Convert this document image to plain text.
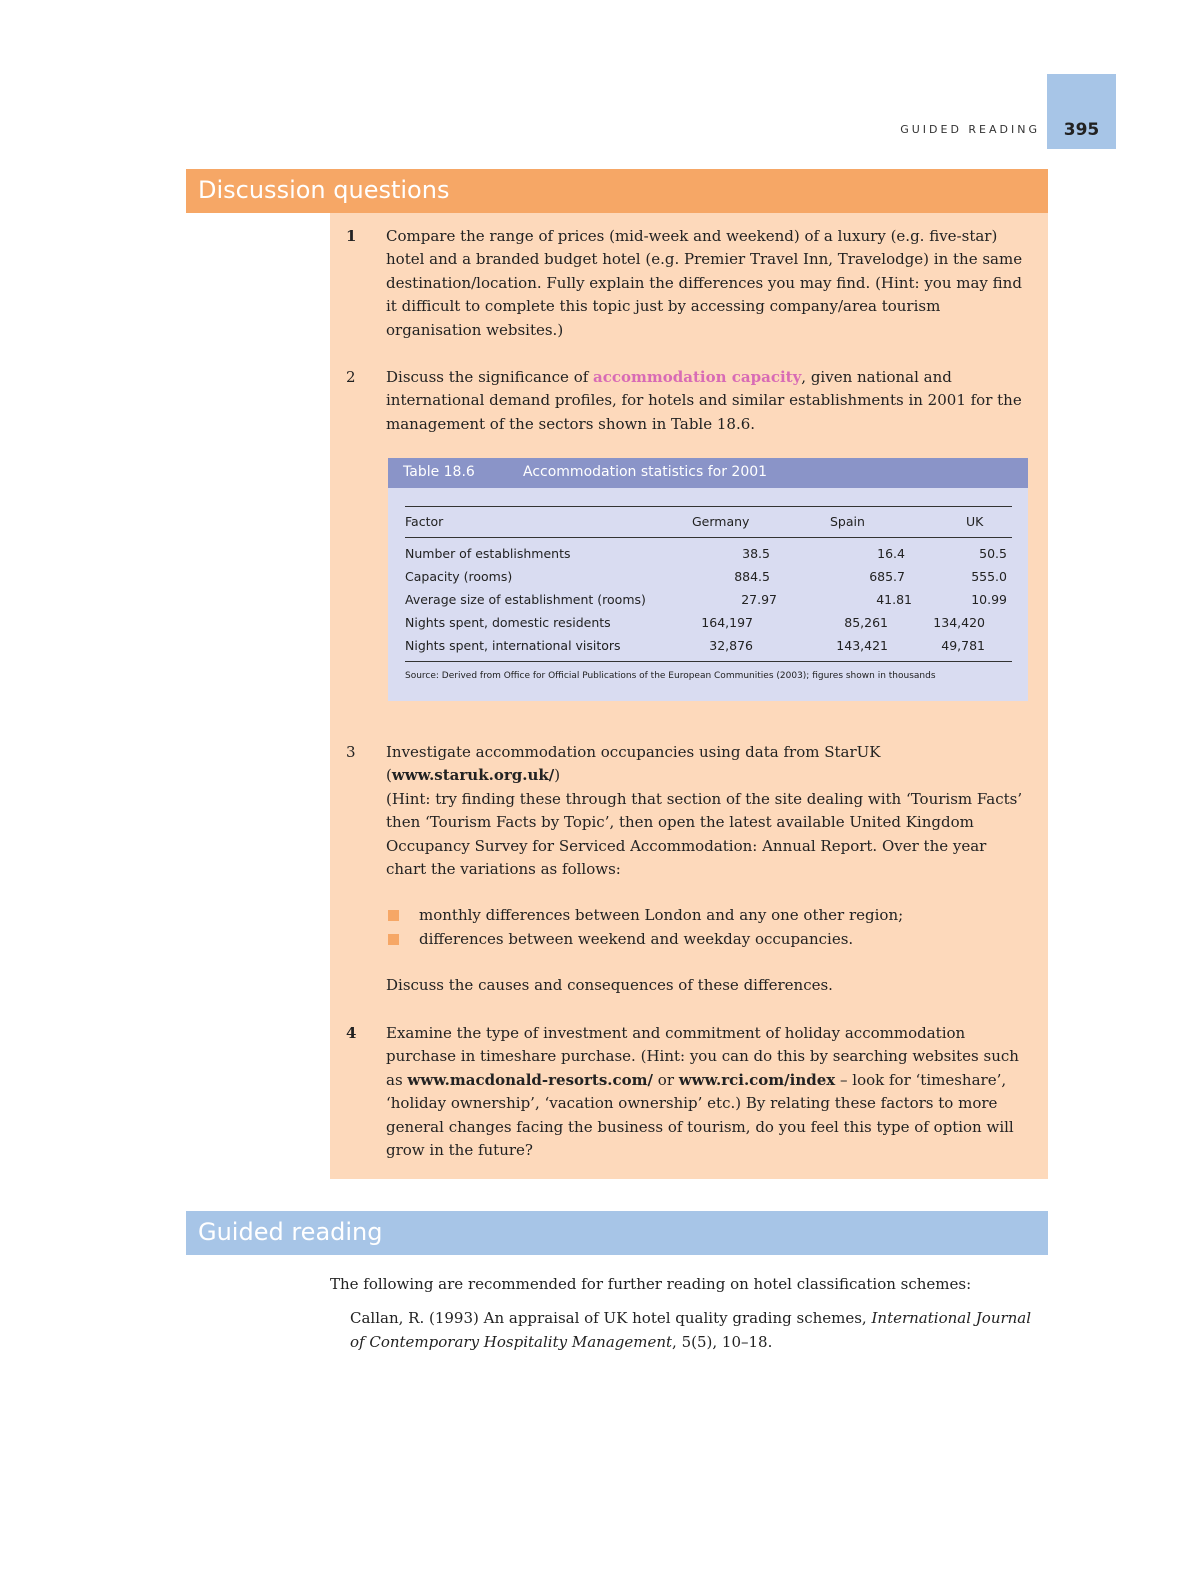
GUIDED READING	395
Discussion questions
1	Compare the range of prices (mid-week and weekend) of a luxury (e.g. five-star) hotel and a branded budget hotel (e.g. Premier Travel Inn, Travelodge) in the same destination/location. Fully explain the differences you may find. (Hint: you may find it difficult to complete this topic just by accessing company/area tourism organisation websites.)
2	Discuss the significance of accommodation capacity, given national and international demand profiles, for hotels and similar establishments in 2001 for the management of the sectors shown in Table 18.6.
Table 18.6	Accommodation statistics for 2001
Factor	Germany	Spain	UK
Number of establishments	38.5	16.4	50.5
Capacity (rooms)	884.5	685.7	555.0
Average size of establishment (rooms)	27.97	41.81	10.99
Nights spent, domestic residents	164,197	85,261	134,420
Nights spent, international visitors	32,876	143,421	49,781
Source: Derived from Office for Official Publications of the European Communities (2003); figures shown in thousands
3	Investigate accommodation occupancies using data from StarUK
(www.staruk.org.uk/)
(Hint: try finding these through that section of the site dealing with ‘Tourism Facts’ then ‘Tourism Facts by Topic’, then open the latest available United Kingdom Occupancy Survey for Serviced Accommodation: Annual Report. Over the year chart the variations as follows:
monthly differences between London and any one other region;
differences between weekend and weekday occupancies.
Discuss the causes and consequences of these differences.
4	Examine the type of investment and commitment of holiday accommodation purchase in timeshare purchase. (Hint: you can do this by searching websites such as www.macdonald-resorts.com/ or www.rci.com/index – look for ‘timeshare’, ‘holiday ownership’, ‘vacation ownership’ etc.) By relating these factors to more general changes facing the business of tourism, do you feel this type of option will grow in the future?
Guided reading
The following are recommended for further reading on hotel classification schemes:
Callan, R. (1993) An appraisal of UK hotel quality grading schemes, International Journal of Contemporary Hospitality Management, 5(5), 10–18.
